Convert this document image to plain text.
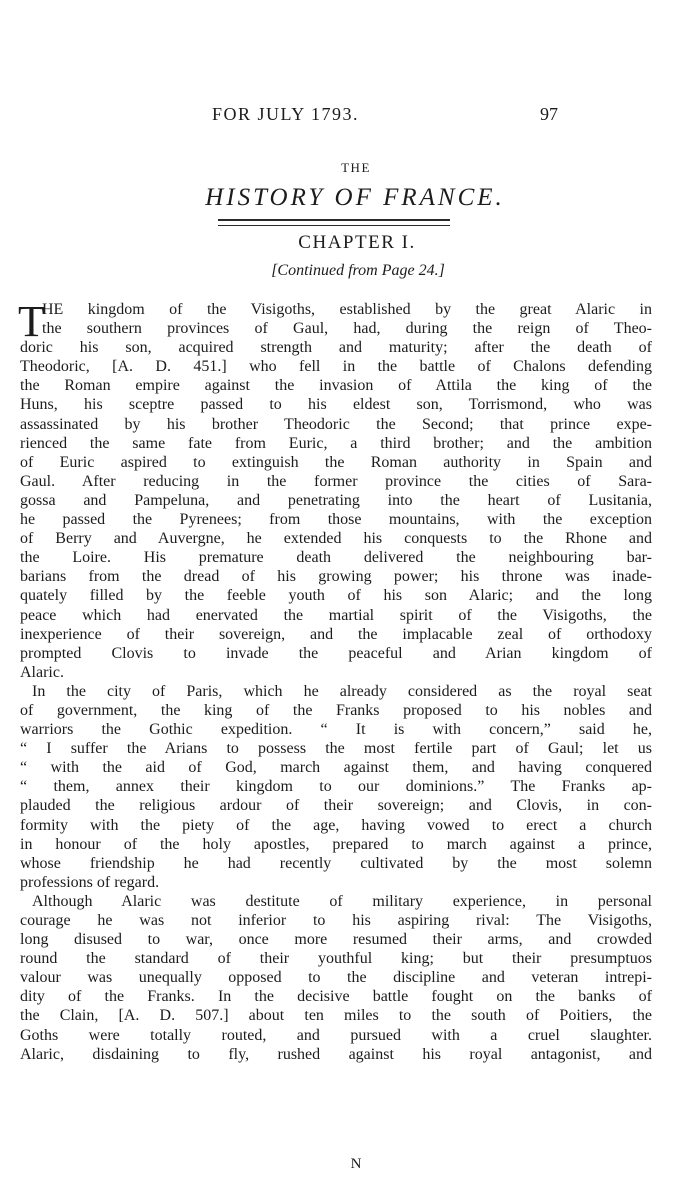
FOR JULY 1793.	97
THE
HISTORY OF FRANCE.
CHAPTER I.
[Continued from Page 24.]
T
HE kingdom of the Visigoths, established by the great Alaric in
the southern provinces of Gaul, had, during the reign of Theo-
doric his son, acquired strength and maturity; after the death of
Theodoric, [A. D. 451.] who fell in the battle of Chalons defending
the Roman empire against the invasion of Attila the king of the
Huns, his sceptre passed to his eldest son, Torrismond, who was
assassinated by his brother Theodoric the Second; that prince expe-
rienced the same fate from Euric, a third brother; and the ambition
of Euric aspired to extinguish the Roman authority in Spain and
Gaul. After reducing in the former province the cities of Sara-
gossa and Pampeluna, and penetrating into the heart of Lusitania,
he passed the Pyrenees; from those mountains, with the exception
of Berry and Auvergne, he extended his conquests to the Rhone and
the Loire. His premature death delivered the neighbouring bar-
barians from the dread of his growing power; his throne was inade-
quately filled by the feeble youth of his son Alaric; and the long
peace which had enervated the martial spirit of the Visigoths, the
inexperience of their sovereign, and the implacable zeal of orthodoxy
prompted Clovis to invade the peaceful and Arian kingdom of
Alaric.
In the city of Paris, which he already considered as the royal seat
of government, the king of the Franks proposed to his nobles and
warriors the Gothic expedition. “ It is with concern,” said he,
“ I suffer the Arians to possess the most fertile part of Gaul; let us
“ with the aid of God, march against them, and having conquered
“ them, annex their kingdom to our dominions.” The Franks ap-
plauded the religious ardour of their sovereign; and Clovis, in con-
formity with the piety of the age, having vowed to erect a church
in honour of the holy apostles, prepared to march against a prince,
whose friendship he had recently cultivated by the most solemn
professions of regard.
Although Alaric was destitute of military experience, in personal
courage he was not inferior to his aspiring rival: The Visigoths,
long disused to war, once more resumed their arms, and crowded
round the standard of their youthful king; but their presumptuos
valour was unequally opposed to the discipline and veteran intrepi-
dity of the Franks. In the decisive battle fought on the banks of
the Clain, [A. D. 507.] about ten miles to the south of Poitiers, the
Goths were totally routed, and pursued with a cruel slaughter.
Alaric, disdaining to fly, rushed against his royal antagonist, and
N
